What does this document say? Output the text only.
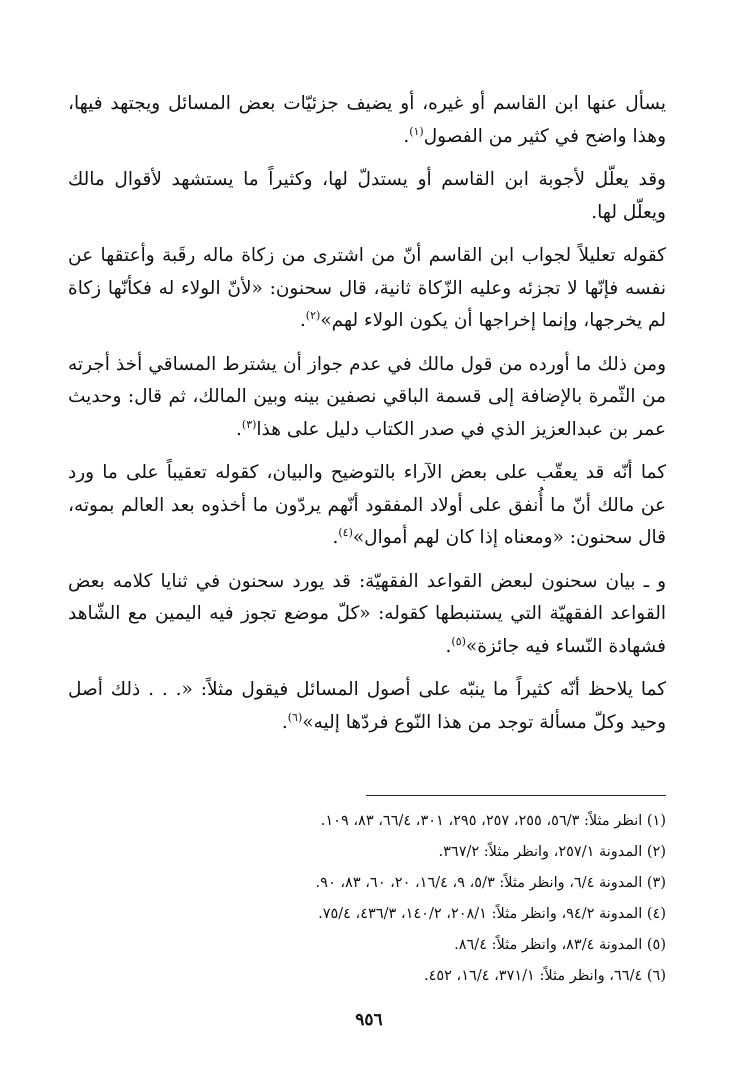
يسأل عنها ابن القاسم أو غيره، أو يضيف جزئيّات بعض المسائل ويجتهد فيها، وهذا واضح في كثير من الفصول$^{(١)}$.

وقد يعلّل لأجوبة ابن القاسم أو يستدلّ لها، وكثيراً ما يستشهد لأقوال مالك ويعلّل لها.

كقوله تعليلاً لجواب ابن القاسم أنّ من اشترى من زكاة ماله رقَبة وأعتقها عن نفسه فإنّها لا تجزئه وعليه الزّكاة ثانية، قال سحنون: «لأنّ الولاء له فكأنّها زكاة لم يخرجها، وإنما إخراجها أن يكون الولاء لهم»$^{(٢)}$.

ومن ذلك ما أورده من قول مالك في عدم جواز أن يشترط المساقي أخذ أجرته من الثّمرة بالإضافة إلى قسمة الباقي نصفين بينه وبين المالك، ثم قال: وحديث عمر بن عبدالعزيز الذي في صدر الكتاب دليل على هذا$^{(٣)}$.

كما أنّه قد يعقّب على بعض الآراء بالتوضيح والبيان، كقوله تعقيباً على ما ورد عن مالك أنّ ما أُنفق على أولاد المفقود أنّهم يردّون ما أخذوه بعد العالم بموته، قال سحنون: «ومعناه إذا كان لهم أموال»$^{(٤)}$.

و ـ بيان سحنون لبعض القواعد الفقهيّة: قد يورد سحنون في ثنايا كلامه بعض القواعد الفقهيّة التي يستنبطها كقوله: «كلّ موضع تجوز فيه اليمين مع الشّاهد فشهادة النّساء فيه جائزة»$^{(٥)}$.

كما يلاحظ أنّه كثيراً ما ينبّه على أصول المسائل فيقول مثلاً: «. . . ذلك أصل وحيد وكلّ مسألة توجد من هذا النّوع فردّها إليه»$^{(٦)}$.

(١) انظر مثلاً: ٥٦/٣، ٢٥٥، ٢٥٧، ٢٩٥، ٣٠١، ٦٦/٤، ٨٣، ١٠٩.

(٢) المدونة ٢٥٧/١، وانظر مثلاً: ٣٦٧/٢.

(٣) المدونة ٦/٤، وانظر مثلاً: ٥/٣، ٩، ١٦/٤، ٢٠، ٦٠، ٨٣، ٩٠.

(٤) المدونة ٩٤/٢، وانظر مثلاً: ٢٠٨/١، ١٤٠/٢، ٤٣٦/٣، ٧٥/٤.

(٥) المدونة ٨٣/٤، وانظر مثلاً: ٨٦/٤.

(٦) ٦٦/٤، وانظر مثلاً: ٣٧١/١، ١٦/٤، ٤٥٢.

٩٥٦
